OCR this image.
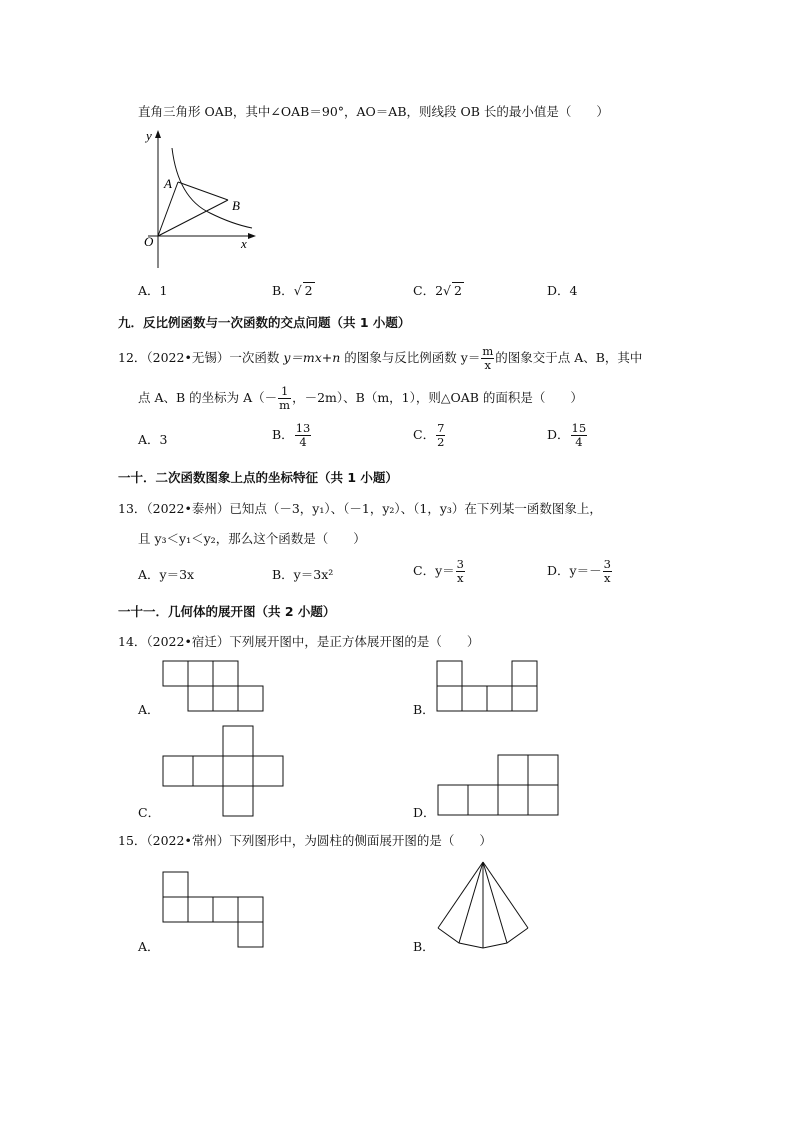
直角三角形 OAB，其中∠OAB＝90°，AO＝AB，则线段 OB 长的最小值是（　　）
y
x
A
B
O
A．1	B．√ 2	C．2√ 2	D．4
九．反比例函数与一次函数的交点问题（共 1 小题）
12．（2022•无锡）一次函数 y＝mx+n 的图象与反比例函数 $y= \frac{m}{x}$ 的图象交于点 A、B，其中
点 A、B 的坐标为 $A(- \frac{1}{m}$ ，－2m）、B（m，1），则△OAB 的面积是（　　）
A．3	B． $\frac{13}{4}$	C． $\frac{7}{2}$	D． $\frac{15}{4}$
一十．二次函数图象上点的坐标特征（共 1 小题）
13．（2022•泰州）已知点（－3，y₁）、（－1，y₂）、（1，y₃）在下列某一函数图象上，
且 y₃＜y₁＜y₂，那么这个函数是（　　）
A．y＝3x	B．y＝3x²	C．$y= \frac{3}{x}$	D．$y=- \frac{3}{x}$
一十一．几何体的展开图（共 2 小题）
14．（2022•宿迁）下列展开图中，是正方体展开图的是（　　）
A．	B．
C．	D．
15．（2022•常州）下列图形中，为圆柱的侧面展开图的是（　　）
A．	B．
